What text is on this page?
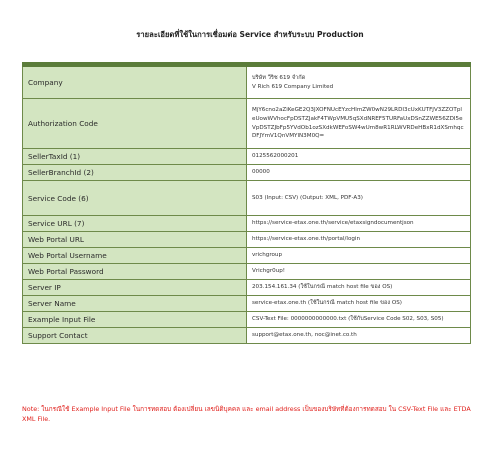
รายละเอียดที่ใช้ในการเชื่อมต่อ Service สำหรับระบบ Production

Company	บริษัท วีริช 619 จำกัด
V Rich 619 Company Limited

Authorization Code	MjY6cno2aZiKeGE2Q3JXOFNUcEYzcHlmZW0wN29LRDI3cUxKUTFJV3ZZOTpleUowWVhocFpDSTZJakF4TWpVMU5qSXdNREF5TURFaUxDSnZZWE56ZDI5eVpDSTZJbFp5YVdOb1ozSXdkWEFoSW4wUm8wR1RLWVRDeHBxR1dXSmhqcDFJYmV1QnVMYlN3M0Q=

SellerTaxId (1)	0125562000201
SellerBranchId (2)	00000
Service Code (6)	S03 (Input: CSV) (Output: XML, PDF-A3)
Service URL (7)	https://service-etax.one.th/service/etaxsigndocumentjson
Web Portal URL	https://service-etax.one.th/portal/login
Web Portal Username	vrichgroup
Web Portal Password	Vrichgr0up!
Server IP	203.154.161.34 (ใช้ในกรณี match host file ของ OS)
Server Name	service-etax.one.th (ใช้ในกรณี match host file ของ OS)
Example Input File	CSV-Text File: 0000000000000.txt (ใช้กับService Code S02, S03, S05)
Support Contact	support@etax.one.th, noc@inet.co.th
Note: ในกรณีใช้ Example Input File ในการทดสอบ ต้องเปลี่ยน เลขนิติบุคคล และ email address เป็นของบริษัทที่ต้องการทดสอบ ใน CSV-Text File และ ETDA XML File.
